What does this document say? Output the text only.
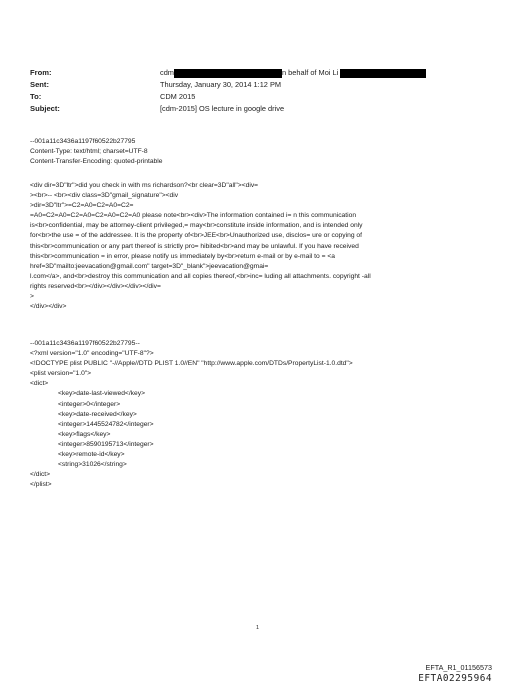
From:
Sent:
To:
Subject:
cdm	n behalf of Moi Li
Thursday, January 30, 2014 1:12 PM
CDM 2015
[cdm-2015] OS lecture in google drive
--001a11c3436a1197f60522b27795
Content-Type: text/html; charset=UTF-8
Content-Transfer-Encoding: quoted-printable
<div dir=3D"ltr">did you check in with ms richardson?<br clear=3D"all"><div=
><br>-- <br><div class=3D"gmail_signature"><div
>dir=3D"ltr">=C2=A0=C2=A0=C2=
=A0=C2=A0=C2=A0=C2=A0=C2=A0 please note<br><div>The information contained i= n this communication
is<br>confidential, may be attorney-client privileged,= may<br>constitute inside information, and is intended only
for<br>the use = of the addressee. It is the property of<br>JEE<br>Unauthorized use, disclos= ure or copying of
this<br>communication or any part thereof is strictly pro= hibited<br>and may be unlawful. If you have received
this<br>communication = in error, please notify us immediately by<br>return e-mail or by e-mail to = <a
href=3D"mailto:jeevacation@gmail.com" target=3D"_blank">jeevacation@gmai=
l.com</a>, and<br>destroy this communication and all copies thereof,<br>inc= luding all attachments. copyright -all
rights reserved<br></div></div></div></div=
>
</div></div>
--001a11c3436a1197f60522b27795--
<?xml version="1.0" encoding="UTF-8"?>
<!DOCTYPE plist PUBLIC "-//Apple//DTD PLIST 1.0//EN" "http://www.apple.com/DTDs/PropertyList-1.0.dtd">
<plist version="1.0">
<dict>
<key>date-last-viewed</key>
<integer>0</integer>
<key>date-received</key>
<integer>1445524782</integer>
<key>flags</key>
<integer>8590195713</integer>
<key>remote-id</key>
<string>31026</string>
</dict>
</plist>
1
EFTA_R1_01156573
EFTA02295964
